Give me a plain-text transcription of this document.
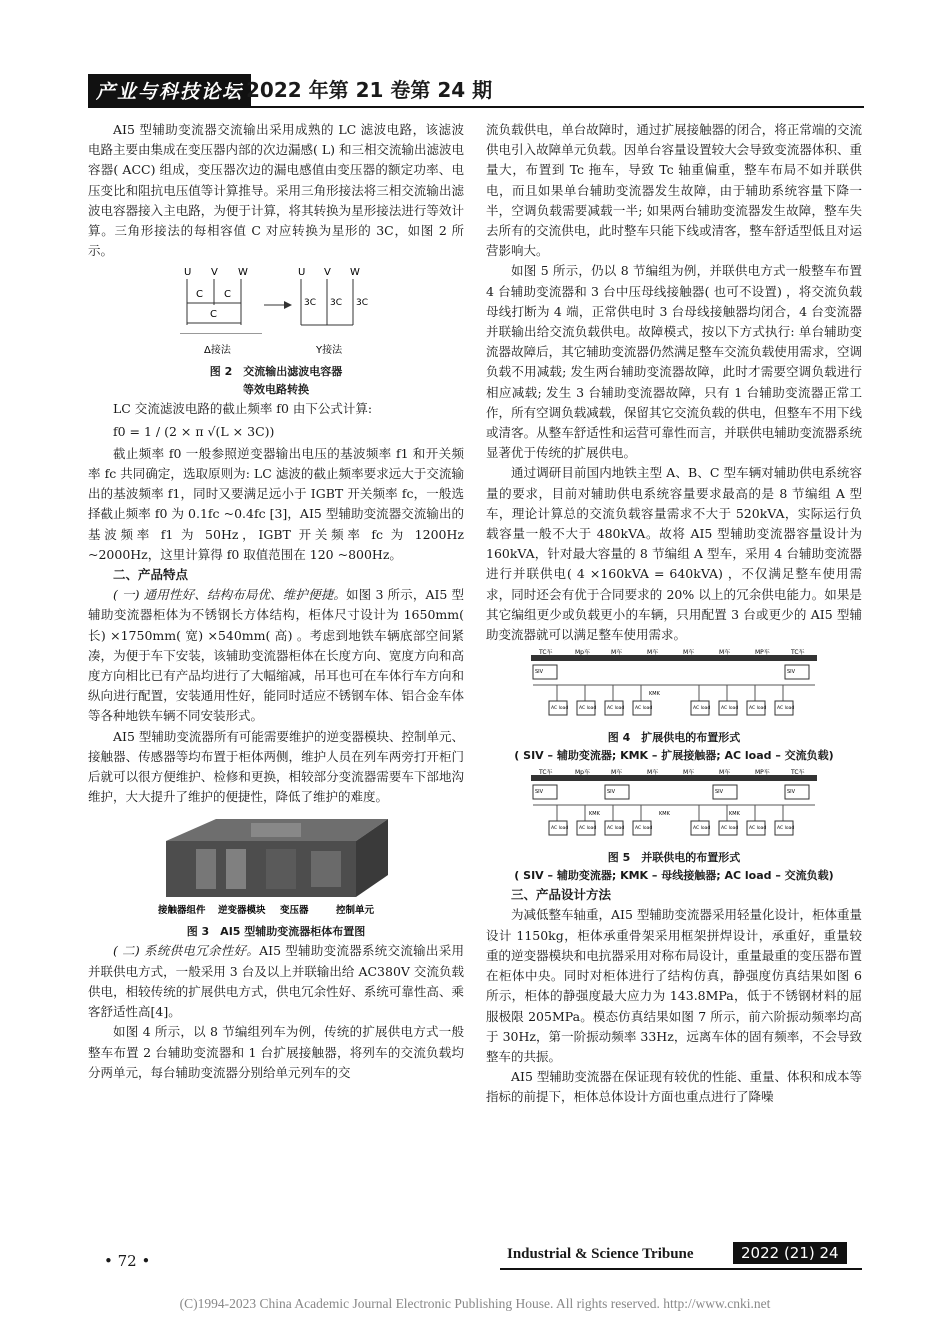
产业与科技论坛 2022 年第 21 卷第 24 期

AI5 型辅助变流器交流输出采用成熟的 LC 滤波电路，该滤波电路主要由集成在变压器内部的次边漏感( L) 和三相交流输出滤波电容器( ACC) 组成，变压器次边的漏电感值由变压器的额定功率、电压变比和阻抗电压值等计算推导。采用三角形接法将三相交流输出滤波电容器接入主电路，为便于计算，将其转换为星形接法进行等效计算。三角形接法的每相容值 C 对应转换为星形的 3C，如图 2 所示。

U V W
C C
C
Δ接法
U V W
3C 3C 3C
Y接法
图 2　交流输出滤波电容器
等效电路转换

LC 交流滤波电路的截止频率 f0 由下公式计算:

f0 = 1 / (2 × π √(L × 3C))

截止频率 f0 一般参照逆变器输出电压的基波频率 f1 和开关频率 fc 共同确定，选取原则为: LC 滤波的截止频率要求远大于交流输出的基波频率 f1，同时又要满足远小于 IGBT 开关频率 fc，一般选择截止频率 f0 为 0.1fc ~0.4fc [3]，AI5 型辅助变流器交流输出的基波频率 f1 为 50Hz，IGBT 开关频率 fc 为 1200Hz ~2000Hz，这里计算得 f0 取值范围在 120 ~800Hz。

二、产品特点

( 一) 通用性好、结构布局优、维护便捷。如图 3 所示，AI5 型辅助变流器柜体为不锈钢长方体结构，柜体尺寸设计为 1650mm( 长) ×1750mm( 宽) ×540mm( 高) 。考虑到地铁车辆底部空间紧凑，为便于车下安装，该辅助变流器柜体在长度方向、宽度方向和高度方向相比已有产品均进行了大幅缩减，吊耳也可在车体行车方向和纵向进行配置，安装通用性好，能同时适应不锈钢车体、铝合金车体等各种地铁车辆不同安装形式。

AI5 型辅助变流器所有可能需要维护的逆变器模块、控制单元、接触器、传感器等均布置于柜体两侧，维护人员在列车两旁打开柜门后就可以很方便维护、检修和更换，相较部分变流器需要车下部地沟维护，大大提升了维护的便捷性，降低了维护的难度。

接触器组件 逆变器模块 变压器	控制单元
图 3　AI5 型辅助变流器柜体布置图

( 二) 系统供电冗余性好。AI5 型辅助变流器系统交流输出采用并联供电方式，一般采用 3 台及以上并联输出给 AC380V 交流负载供电，相较传统的扩展供电方式，供电冗余性好、系统可靠性高、乘客舒适性高[4]。

如图 4 所示，以 8 节编组列车为例，传统的扩展供电方式一般整车布置 2 台辅助变流器和 1 台扩展接触器，将列车的交流负载均分两单元，每台辅助变流器分别给单元列车的交

流负载供电，单台故障时，通过扩展接触器的闭合，将正常端的交流供电引入故障单元负载。因单台容量设置较大会导致变流器体积、重量大，布置到 Tc 拖车，导致 Tc 轴重偏重，整车布局不如并联供电，而且如果单台辅助变流器发生故障，由于辅助系统容量下降一半，空调负载需要减载一半; 如果两台辅助变流器发生故障，整车失去所有的交流供电，此时整车只能下线或清客，整车舒适型低且对运营影响大。

如图 5 所示，仍以 8 节编组为例，并联供电方式一般整车布置 4 台辅助变流器和 3 台中压母线接触器( 也可不设置) ，将交流负载母线打断为 4 端，正常供电时 3 台母线接触器均闭合，4 台变流器并联输出给交流负载供电。故障模式，按以下方式执行: 单台辅助变流器故障后，其它辅助变流器仍然满足整车交流负载使用需求，空调负载不用减载; 发生两台辅助变流器故障，此时才需要空调负载进行相应减载; 发生 3 台辅助变流器故障，只有 1 台辅助变流器正常工作，所有空调负载减载，保留其它交流负载的供电，但整车不用下线或清客。从整车舒适性和运营可靠性而言，并联供电辅助变流器系统显著优于传统的扩展供电。

通过调研目前国内地铁主型 A、B、C 型车辆对辅助供电系统容量的要求，目前对辅助供电系统容量要求最高的是 8 节编组 A 型车，理论计算总的交流负载容量需求不大于 520kVA，实际运行负载容量一般不大于 480kVA。故将 AI5 型辅助变流器容量设计为 160kVA，针对最大容量的 8 节编组 A 型车，采用 4 台辅助变流器进行并联供电( 4 ×160kVA = 640kVA) ，不仅满足整车使用需求，同时还会有优于合同要求的 20% 以上的冗余供电能力。如果是其它编组更少或负载更小的车辆，只用配置 3 台或更少的 AI5 型辅助变流器就可以满足整车使用需求。

TC车	Mp车	M车	M车	M车	M车	MP车	TC车
SIV	SIV
AC load AC load AC load AC load	AC load AC load AC load AC load
KMK
图 4　扩展供电的布置形式
( SIV – 辅助变流器; KMK – 扩展接触器; AC load – 交流负载)
TC车	Mp车	M车	M车	M车	M车	MP车	TC车
SIV	SIV	SIV	SIV
AC load AC load AC load AC load	AC load AC load AC load AC load
KMK	KMK	KMK
图 5　并联供电的布置形式
( SIV – 辅助变流器; KMK – 母线接触器; AC load – 交流负载)
三、产品设计方法

为减低整车轴重，AI5 型辅助变流器采用轻量化设计，柜体重量设计 1150kg，柜体承重骨架采用框架拼焊设计，承重好，重量较重的逆变器模块和电抗器采用对称布局设计，重量最重的变压器布置在柜体中央。同时对柜体进行了结构仿真，静强度仿真结果如图 6 所示，柜体的静强度最大应力为 143.8MPa，低于不锈钢材料的屈服极限 205MPa。模态仿真结果如图 7 所示，前六阶振动频率均高于 30Hz，第一阶振动频率 33Hz，远离车体的固有频率，不会导致整车的共振。

AI5 型辅助变流器在保证现有较优的性能、重量、体积和成本等指标的前提下，柜体总体设计方面也重点进行了降噪

• 72 •	Industrial & Science Tribune	2022 (21) 24
(C)1994-2023 China Academic Journal Electronic Publishing House. All rights reserved. http://www.cnki.net
